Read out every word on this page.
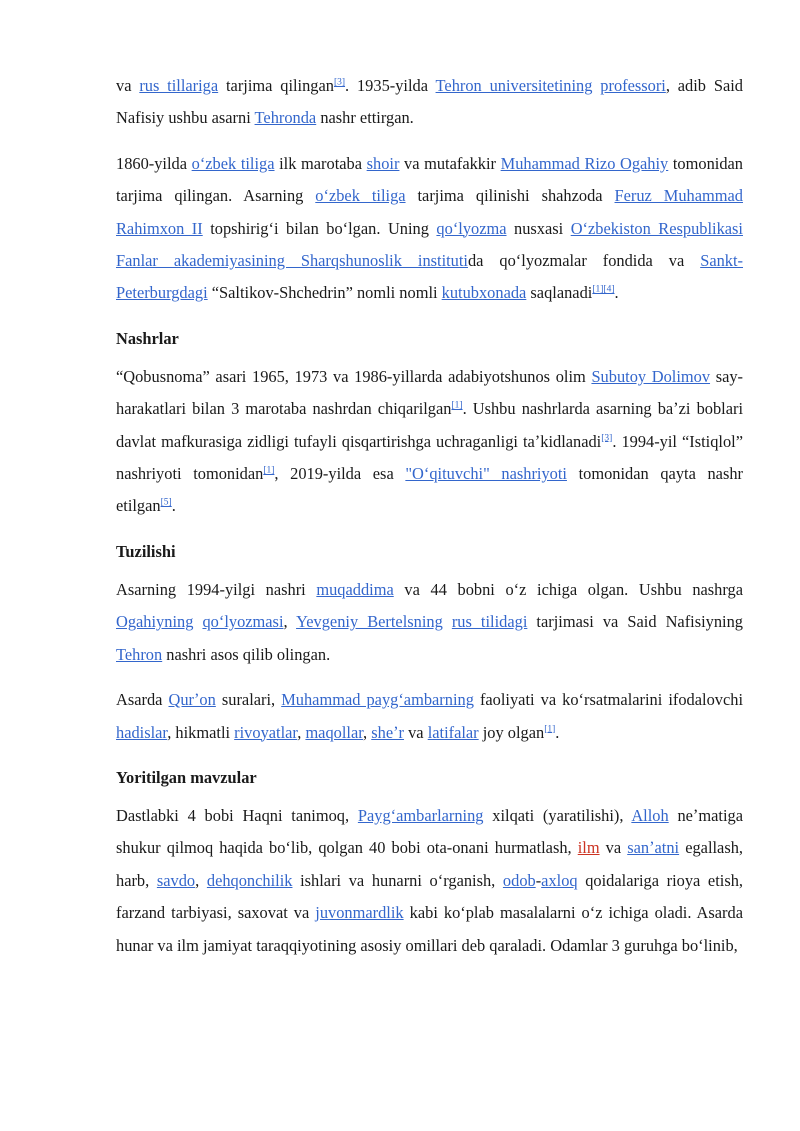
va rus tillariga tarjima qilingan[3]. 1935-yilda Tehron universitetining professori, adib Said Nafisiy ushbu asarni Tehronda nashr ettirgan.

1860-yilda oʻzbek tiliga ilk marotaba shoir va mutafakkir Muhammad Rizo Ogahiy tomonidan tarjima qilingan. Asarning oʻzbek tiliga tarjima qilinishi shahzoda Feruz Muhammad Rahimxon II topshirigʻi bilan boʻlgan. Uning qoʻlyozma nusxasi Oʻzbekiston Respublikasi Fanlar akademiyasining Sharqshunoslik institutida qoʻlyozmalar fondida va Sankt-Peterburgdagi “Saltikov-Shchedrin” nomli nomli kutubxonada saqlanadi[1][4].

Nashrlar

“Qobusnoma” asari 1965, 1973 va 1986-yillarda adabiyotshunos olim Subutoy Dolimov say-harakatlari bilan 3 marotaba nashrdan chiqarilgan[1]. Ushbu nashrlarda asarning baʼzi boblari davlat mafkurasiga zidligi tufayli qisqartirishga uchraganligi taʼkidlanadi[3]. 1994-yil “Istiqlol” nashriyoti tomonidan[1], 2019-yilda esa "Oʻqituvchi" nashriyoti tomonidan qayta nashr etilgan[5].

Tuzilishi

Asarning 1994-yilgi nashri muqaddima va 44 bobni oʻz ichiga olgan. Ushbu nashrga Ogahiyning qoʻlyozmasi, Yevgeniy Bertelsning rus tilidagi tarjimasi va Said Nafisiyning Tehron nashri asos qilib olingan.

Asarda Qurʼon suralari, Muhammad paygʻambarning faoliyati va koʻrsatmalarini ifodalovchi hadislar, hikmatli rivoyatlar, maqollar, sheʼr va latifalar joy olgan[1].

Yoritilgan mavzular

Dastlabki 4 bobi Haqni tanimoq, Paygʻambarlarning xilqati (yaratilishi), Alloh neʼmatiga shukur qilmoq haqida boʻlib, qolgan 40 bobi ota-onani hurmatlash, ilm va sanʼatni egallash, harb, savdo, dehqonchilik ishlari va hunarni oʻrganish, odob-axloq qoidalariga rioya etish, farzand tarbiyasi, saxovat va juvonmardlik kabi koʻplab masalalarni oʻz ichiga oladi. Asarda hunar va ilm jamiyat taraqqiyotining asosiy omillari deb qaraladi. Odamlar 3 guruhga boʻlinib,
